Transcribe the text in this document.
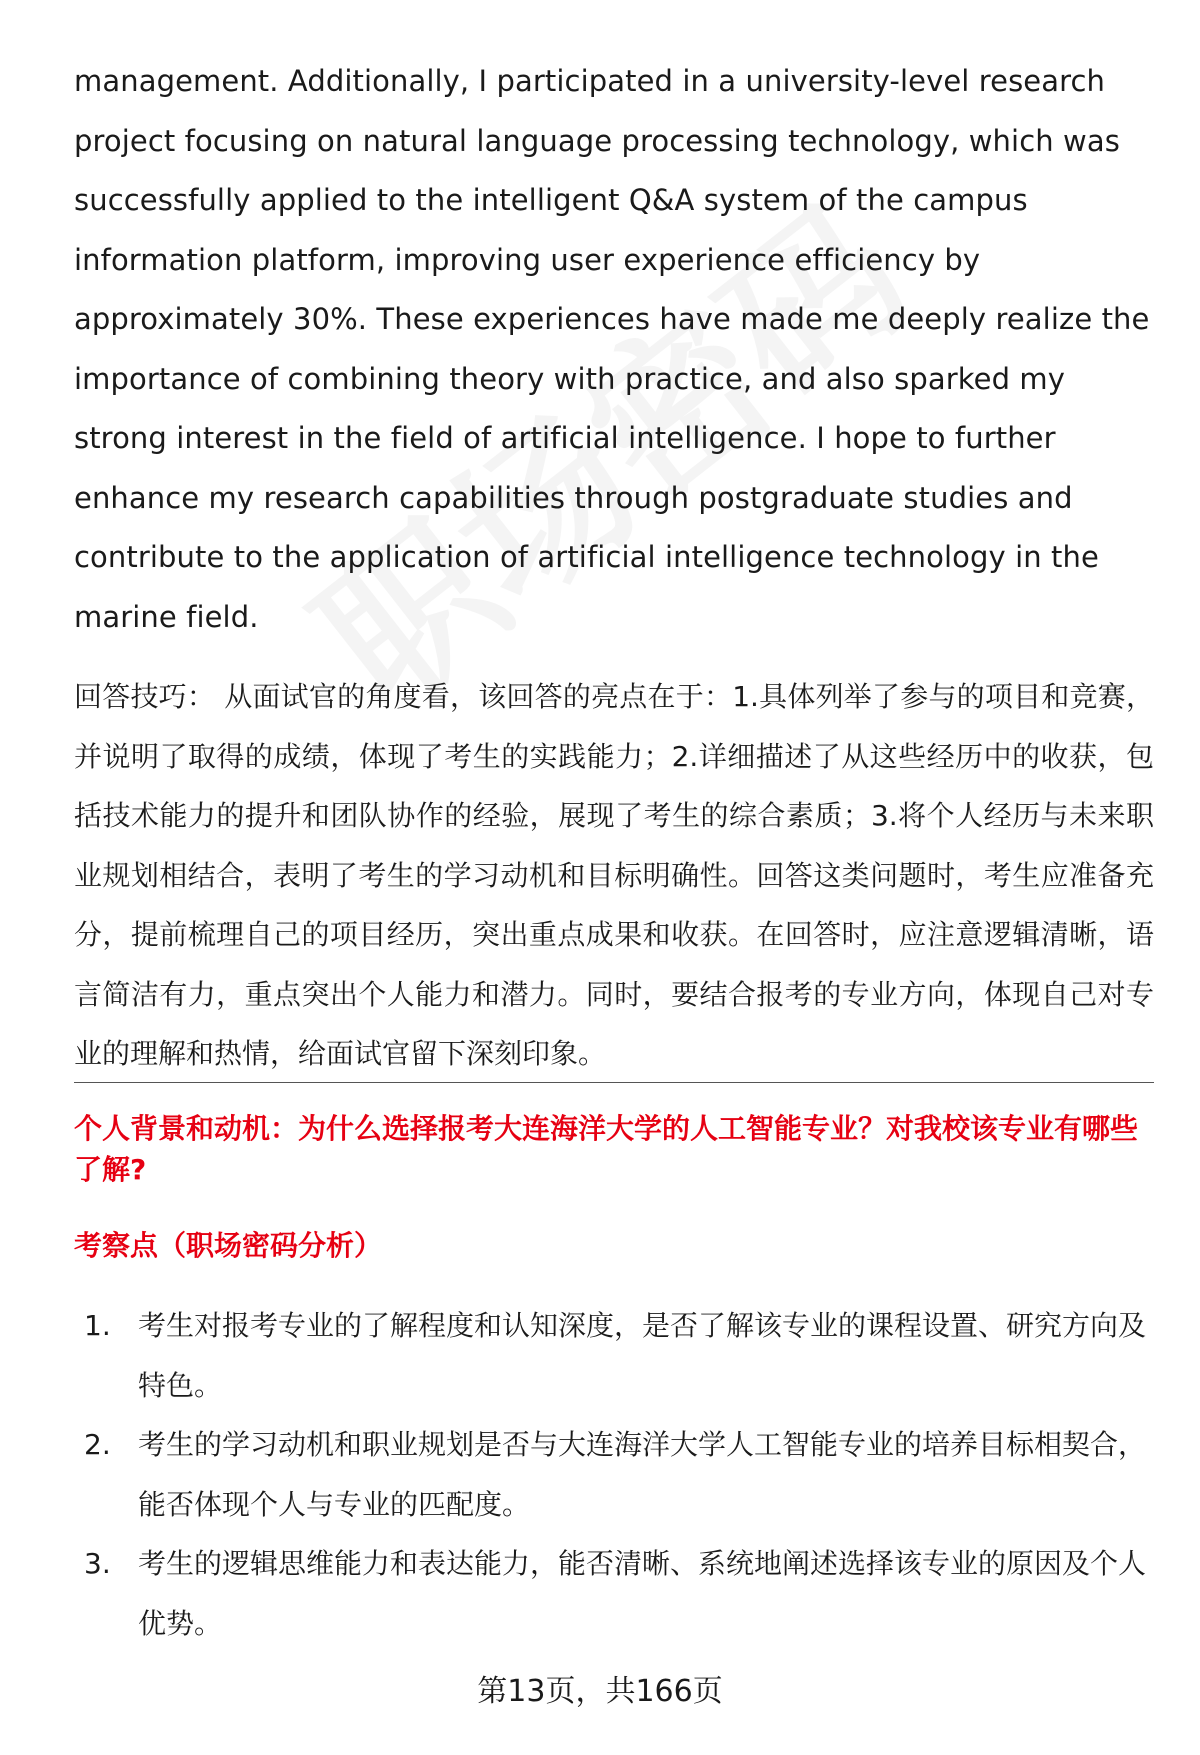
management. Additionally, I participated in a university-level research project focusing on natural language processing technology, which was successfully applied to the intelligent Q&A system of the campus information platform, improving user experience efficiency by approximately 30%. These experiences have made me deeply realize the importance of combining theory with practice, and also sparked my strong interest in the field of artificial intelligence. I hope to further enhance my research capabilities through postgraduate studies and contribute to the application of artificial intelligence technology in the marine field.

回答技巧： 从面试官的角度看，该回答的亮点在于：1.具体列举了参与的项目和竞赛，并说明了取得的成绩，体现了考生的实践能力；2.详细描述了从这些经历中的收获，包括技术能力的提升和团队协作的经验，展现了考生的综合素质；3.将个人经历与未来职业规划相结合，表明了考生的学习动机和目标明确性。回答这类问题时，考生应准备充分，提前梳理自己的项目经历，突出重点成果和收获。在回答时，应注意逻辑清晰，语言简洁有力，重点突出个人能力和潜力。同时，要结合报考的专业方向，体现自己对专业的理解和热情，给面试官留下深刻印象。

个人背景和动机：为什么选择报考大连海洋大学的人工智能专业？对我校该专业有哪些了解?
考察点（职场密码分析）
1. 考生对报考专业的了解程度和认知深度，是否了解该专业的课程设置、研究方向及特色。
2. 考生的学习动机和职业规划是否与大连海洋大学人工智能专业的培养目标相契合，能否体现个人与专业的匹配度。
3. 考生的逻辑思维能力和表达能力，能否清晰、系统地阐述选择该专业的原因及个人优势。
第13页，共166页
